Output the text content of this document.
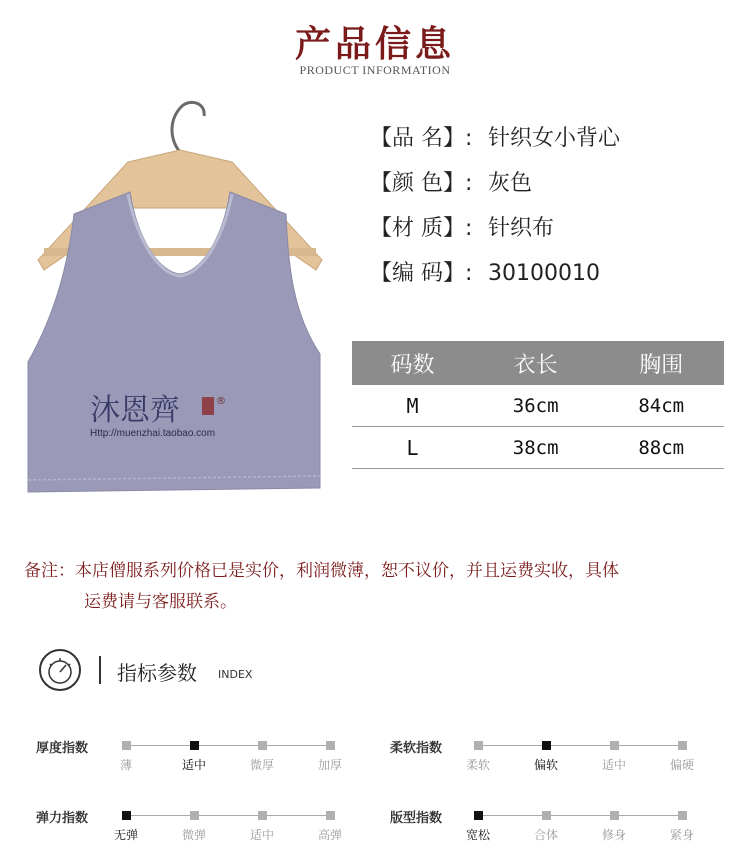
产品信息
PRODUCT INFORMATION
沐恩齊	®
Http://muenzhai.taobao.com
【品 名】: 针织女小背心
【颜 色】: 灰色
【材 质】: 针织布
【编 码】: 30100010
码数	衣长	胸围
M	36cm	84cm
L	38cm	88cm
备注：本店僧服系列价格已是实价，利润微薄，恕不议价，并且运费实收，具体
运费请与客服联系。
指标参数 INDEX
厚度指数
薄	适中	微厚	加厚
柔软指数
柔软	偏软	适中	偏硬
弹力指数
无弹	微弹	适中	高弹
版型指数
宽松	合体	修身	紧身
